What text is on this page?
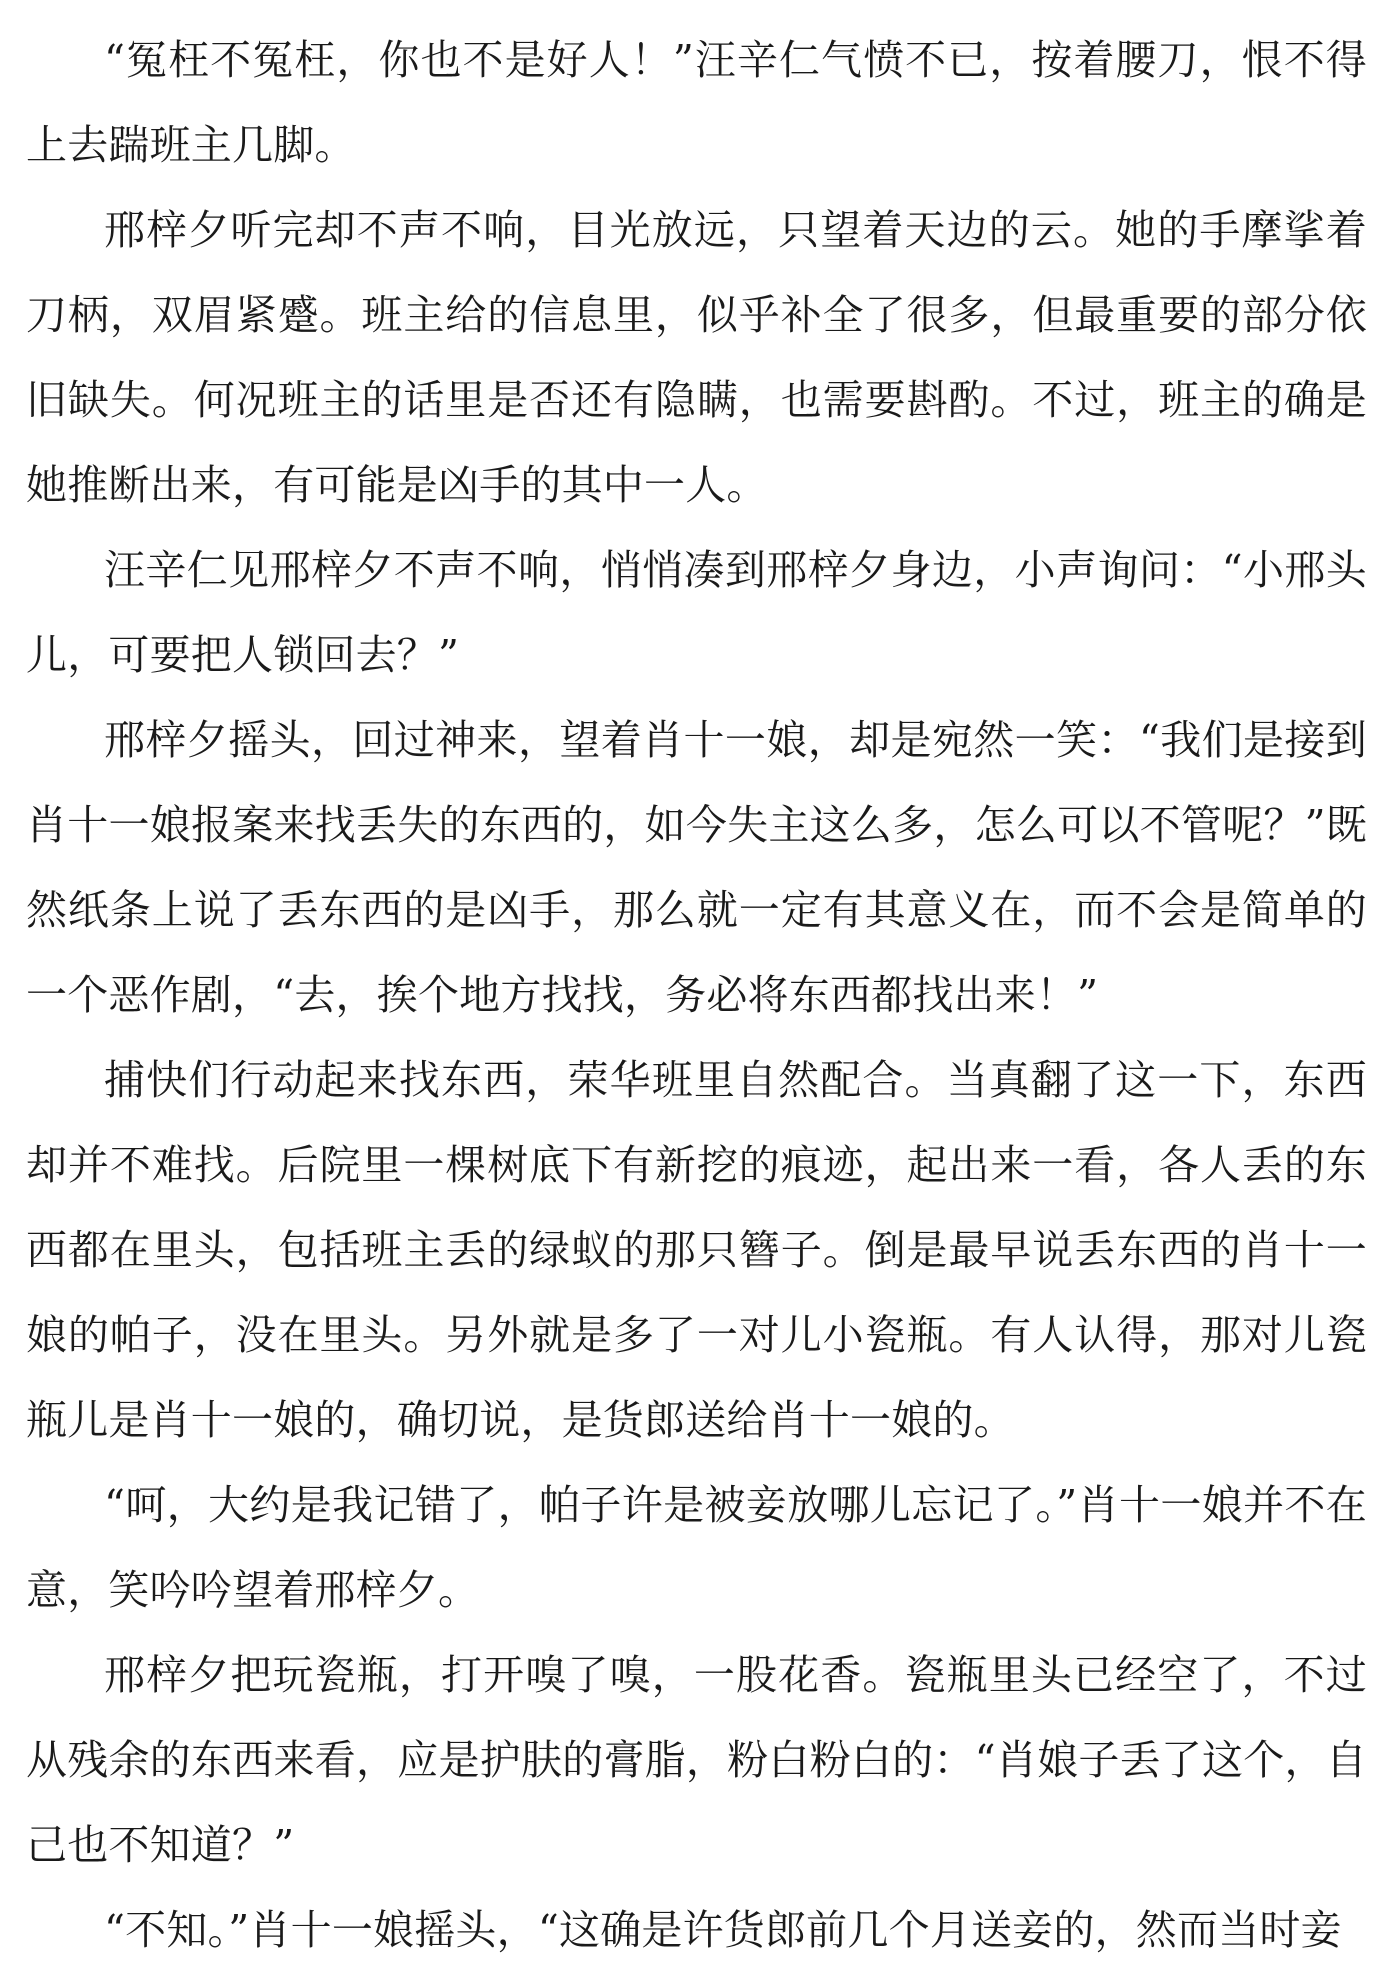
“冤枉不冤枉，你也不是好人！”汪辛仁气愤不已，按着腰刀，恨不得上去踹班主几脚。

邢梓夕听完却不声不响，目光放远，只望着天边的云。她的手摩挲着刀柄，双眉紧蹙。班主给的信息里，似乎补全了很多，但最重要的部分依旧缺失。何况班主的话里是否还有隐瞒，也需要斟酌。不过，班主的确是她推断出来，有可能是凶手的其中一人。

汪辛仁见邢梓夕不声不响，悄悄凑到邢梓夕身边，小声询问：“小邢头儿，可要把人锁回去？”

邢梓夕摇头，回过神来，望着肖十一娘，却是宛然一笑：“我们是接到肖十一娘报案来找丢失的东西的，如今失主这么多，怎么可以不管呢？”既然纸条上说了丢东西的是凶手，那么就一定有其意义在，而不会是简单的一个恶作剧，“去，挨个地方找找，务必将东西都找出来！”

捕快们行动起来找东西，荣华班里自然配合。当真翻了这一下，东西却并不难找。后院里一棵树底下有新挖的痕迹，起出来一看，各人丢的东西都在里头，包括班主丢的绿蚁的那只簪子。倒是最早说丢东西的肖十一娘的帕子，没在里头。另外就是多了一对儿小瓷瓶。有人认得，那对儿瓷瓶儿是肖十一娘的，确切说，是货郎送给肖十一娘的。

“呵，大约是我记错了，帕子许是被妾放哪儿忘记了。”肖十一娘并不在意，笑吟吟望着邢梓夕。

邢梓夕把玩瓷瓶，打开嗅了嗅，一股花香。瓷瓶里头已经空了，不过从残余的东西来看，应是护肤的膏脂，粉白粉白的：“肖娘子丢了这个，自己也不知道？”

“不知。”肖十一娘摇头，“这确是许货郎前几个月送妾的，然而当时妾
